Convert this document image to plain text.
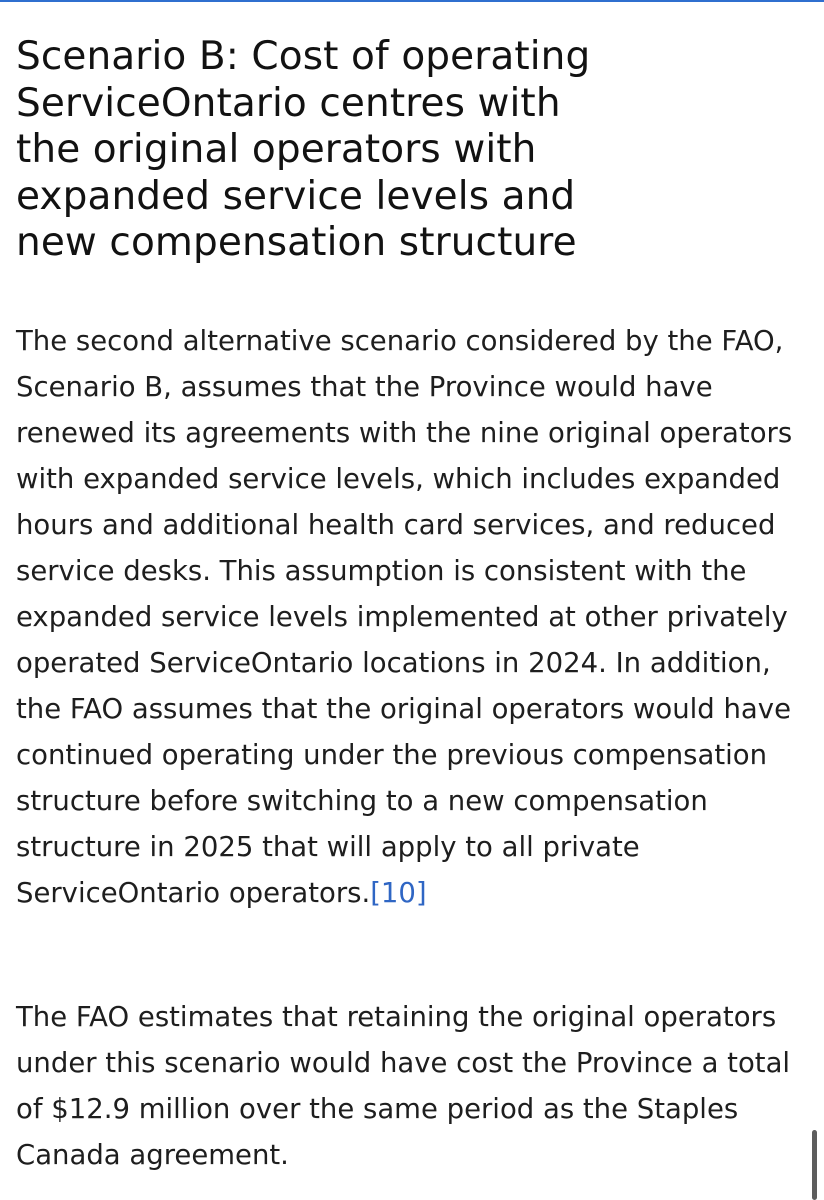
Scenario B: Cost of operating ServiceOntario centres with the original operators with expanded service levels and new compensation structure

The second alternative scenario considered by the FAO, Scenario B, assumes that the Province would have renewed its agreements with the nine original operators with expanded service levels, which includes expanded hours and additional health card services, and reduced service desks. This assumption is consistent with the expanded service levels implemented at other privately operated ServiceOntario locations in 2024. In addition, the FAO assumes that the original operators would have continued operating under the previous compensation structure before switching to a new compensation structure in 2025 that will apply to all private ServiceOntario operators.[10]

The FAO estimates that retaining the original operators under this scenario would have cost the Province a total of $12.9 million over the same period as the Staples Canada agreement.
